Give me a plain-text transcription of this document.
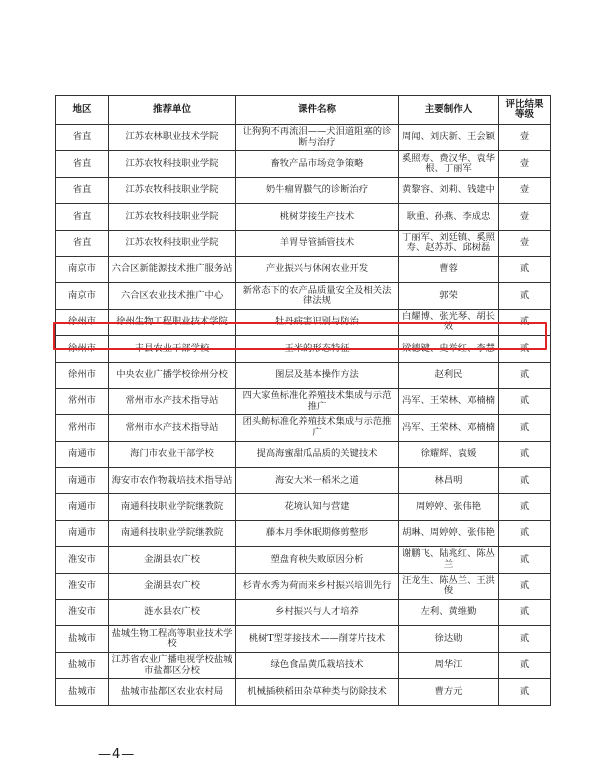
地区	推荐单位	课件名称	主要制作人	评比结果等级
省直	江苏农林职业技术学院	让狗狗不再流泪——犬泪道阻塞的诊断与治疗	周闻、刘庆新、王会颖	壹
省直	江苏农牧科技职业学院	畜牧产品市场竞争策略	奚照寿、费汉华、袁华根、丁丽军	壹
省直	江苏农牧科技职业学院	奶牛瘤胃臌气的诊断治疗	黄黎容、刘莉、钱建中	壹
省直	江苏农牧科技职业学院	桃树芽接生产技术	耿重、孙燕、李成忠	壹
省直	江苏农牧科技职业学院	羊胃导管插管技术	丁丽军、刘廷镇、奚照寿、赵苏苏、邱树磊	壹
南京市	六合区新能源技术推广服务站	产业振兴与休闲农业开发	曹蓉	贰
南京市	六合区农业技术推广中心	新常态下的农产品质量安全及相关法律法规	郭荣	贰
徐州市	徐州生物工程职业技术学院	牡丹病害识别与防治	白耀博、张光琴、胡长效	贰
徐州市	丰县农业干部学校	玉米的形态特征	梁德键、史举红、李慧	贰
徐州市	中央农业广播学校徐州分校	图层及基本操作方法	赵利民	贰
常州市	常州市水产技术指导站	四大家鱼标准化养殖技术集成与示范推广	冯军、王荣林、邓楠楠	贰
常州市	常州市水产技术指导站	团头鲂标准化养殖技术集成与示范推广	冯军、王荣林、邓楠楠	贰
南通市	海门市农业干部学校	提高海蜜甜瓜品质的关键技术	徐耀辉、袁媛	贰
南通市	海安市农作物栽培技术指导站	海安大米一稻米之道	林昌明	贰
南通市	南通科技职业学院继教院	花境认知与营建	周婷婷、张伟艳	贰
南通市	南通科技职业学院继教院	藤本月季休眠期修剪整形	胡琳、周婷婷、张伟艳	贰
淮安市	金湖县农广校	塑盘育秧失败原因分析	谢鹏飞、陆兆红、陈丛兰	贰
淮安市	金湖县农广校	杉青水秀为荷而来乡村振兴培训先行	汪龙生、陈丛兰、王洪俊	贰
淮安市	涟水县农广校	乡村振兴与人才培养	左利、黄维勤	贰
盐城市	盐城生物工程高等职业技术学校	桃树T型芽接技术——削芽片技术	徐达勋	贰
盐城市	江苏省农业广播电视学校盐城市盐都区分校	绿色食品黄瓜栽培技术	周华江	贰
盐城市	盐城市盐都区农业农村局	机械插秧稻田杂草种类与防除技术	曹方元	贰
—4—
